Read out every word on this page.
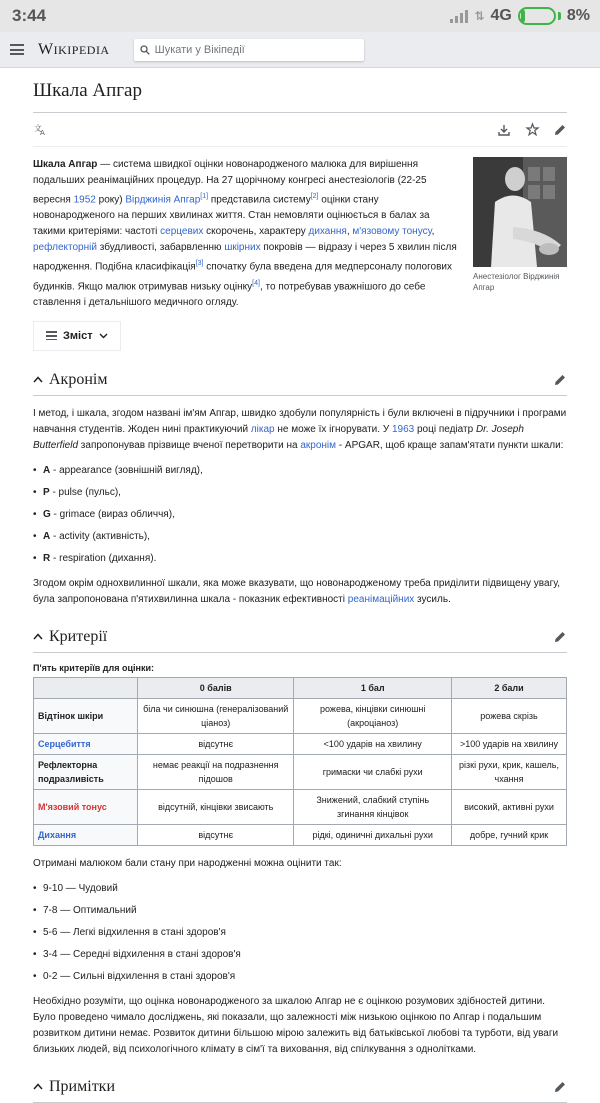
3:44	⇅ 4G	8%
WIKIPEDIA	Шукати у Вікіпедії
Шкала Апгар
文
A
Анестезіолог Вірджинія Апгар

Шкала Апгар — система швидкої оцінки новонародженого малюка для вирішення подальших реанімаційних процедур. На 27 щорічному конгресі анестезіологів (22-25 вересня 1952 року) Вірджинія Апгар[1] представила систему[2] оцінки стану новонародженого на перших хвилинах життя. Стан немовляти оцінюється в балах за такими критеріями: частоті серцевих скорочень, характеру дихання, м'язовому тонусу, рефлекторній збудливості, забарвленню шкірних покровів — відразу і через 5 хвилин після народження. Подібна класифікація[3] спочатку була введена для медперсоналу пологових будинків. Якщо малюк отримував низьку оцінку[4], то потребував уважнішого до себе ставлення і детальнішого медичного огляду.

Зміст
Акронім

І метод, і шкала, згодом названі ім'ям Апгар, швидко здобули популярність і були включені в підручники і програми навчання студентів. Жоден нині практикуючий лікар не може їх ігнорувати. У 1963 році педіатр Dr. Joseph Butterfield запропонував прізвище вченої перетворити на акронім - APGAR, щоб краще запам'ятати пункти шкали:

• A - appearance (зовнішній вигляд),
• P - pulse (пульс),
• G - grimace (вираз обличчя),
• A - activity (активність),
• R - respiration (дихання).

Згодом окрім однохвилинної шкали, яка може вказувати, що новонародженому треба приділити підвищену увагу, була запропонована п'ятихвилинна шкала - показник ефективності реанімаційних зусиль.

Критерії
П'ять критеріїв для оцінки:
	0 балів	1 бал	2 бали
Відтінок шкіри	біла чи синюшна (генералізований ціаноз)	рожева, кінцівки синюшні (акроціаноз)	рожева скрізь
Серцебиття	відсутнє	<100 ударів на хвилину	>100 ударів на хвилину
Рефлекторна подразливість	немає реакції на подразнення підошов	гримаски чи слабкі рухи	різкі рухи, крик, кашель, чхання
М'язовий тонус	відсутній, кінцівки звисають	Знижений, слабкий ступінь згинання кінцівок	високий, активні рухи
Дихання	відсутнє	рідкі, одиничні дихальні рухи	добре, гучний крик

Отримані малюком бали стану при народженні можна оцінити так:

• 9-10 — Чудовий
• 7-8 — Оптимальний
• 5-6 — Легкі відхилення в стані здоров'я
• 3-4 — Середні відхилення в стані здоров'я
• 0-2 — Сильні відхилення в стані здоров'я

Необхідно розуміти, що оцінка новонародженого за шкалою Апгар не є оцінкою розумових здібностей дитини. Було проведено чимало досліджень, які показали, що залежності між низькою оцінкою по Апгар і подальшим розвитком дитини немає. Розвиток дитини більшою мірою залежить від батьківської любові та турботи, від уваги близьких людей, від психологічного клімату в сім'ї та виховання, від спілкування з однолітками.

Примітки
